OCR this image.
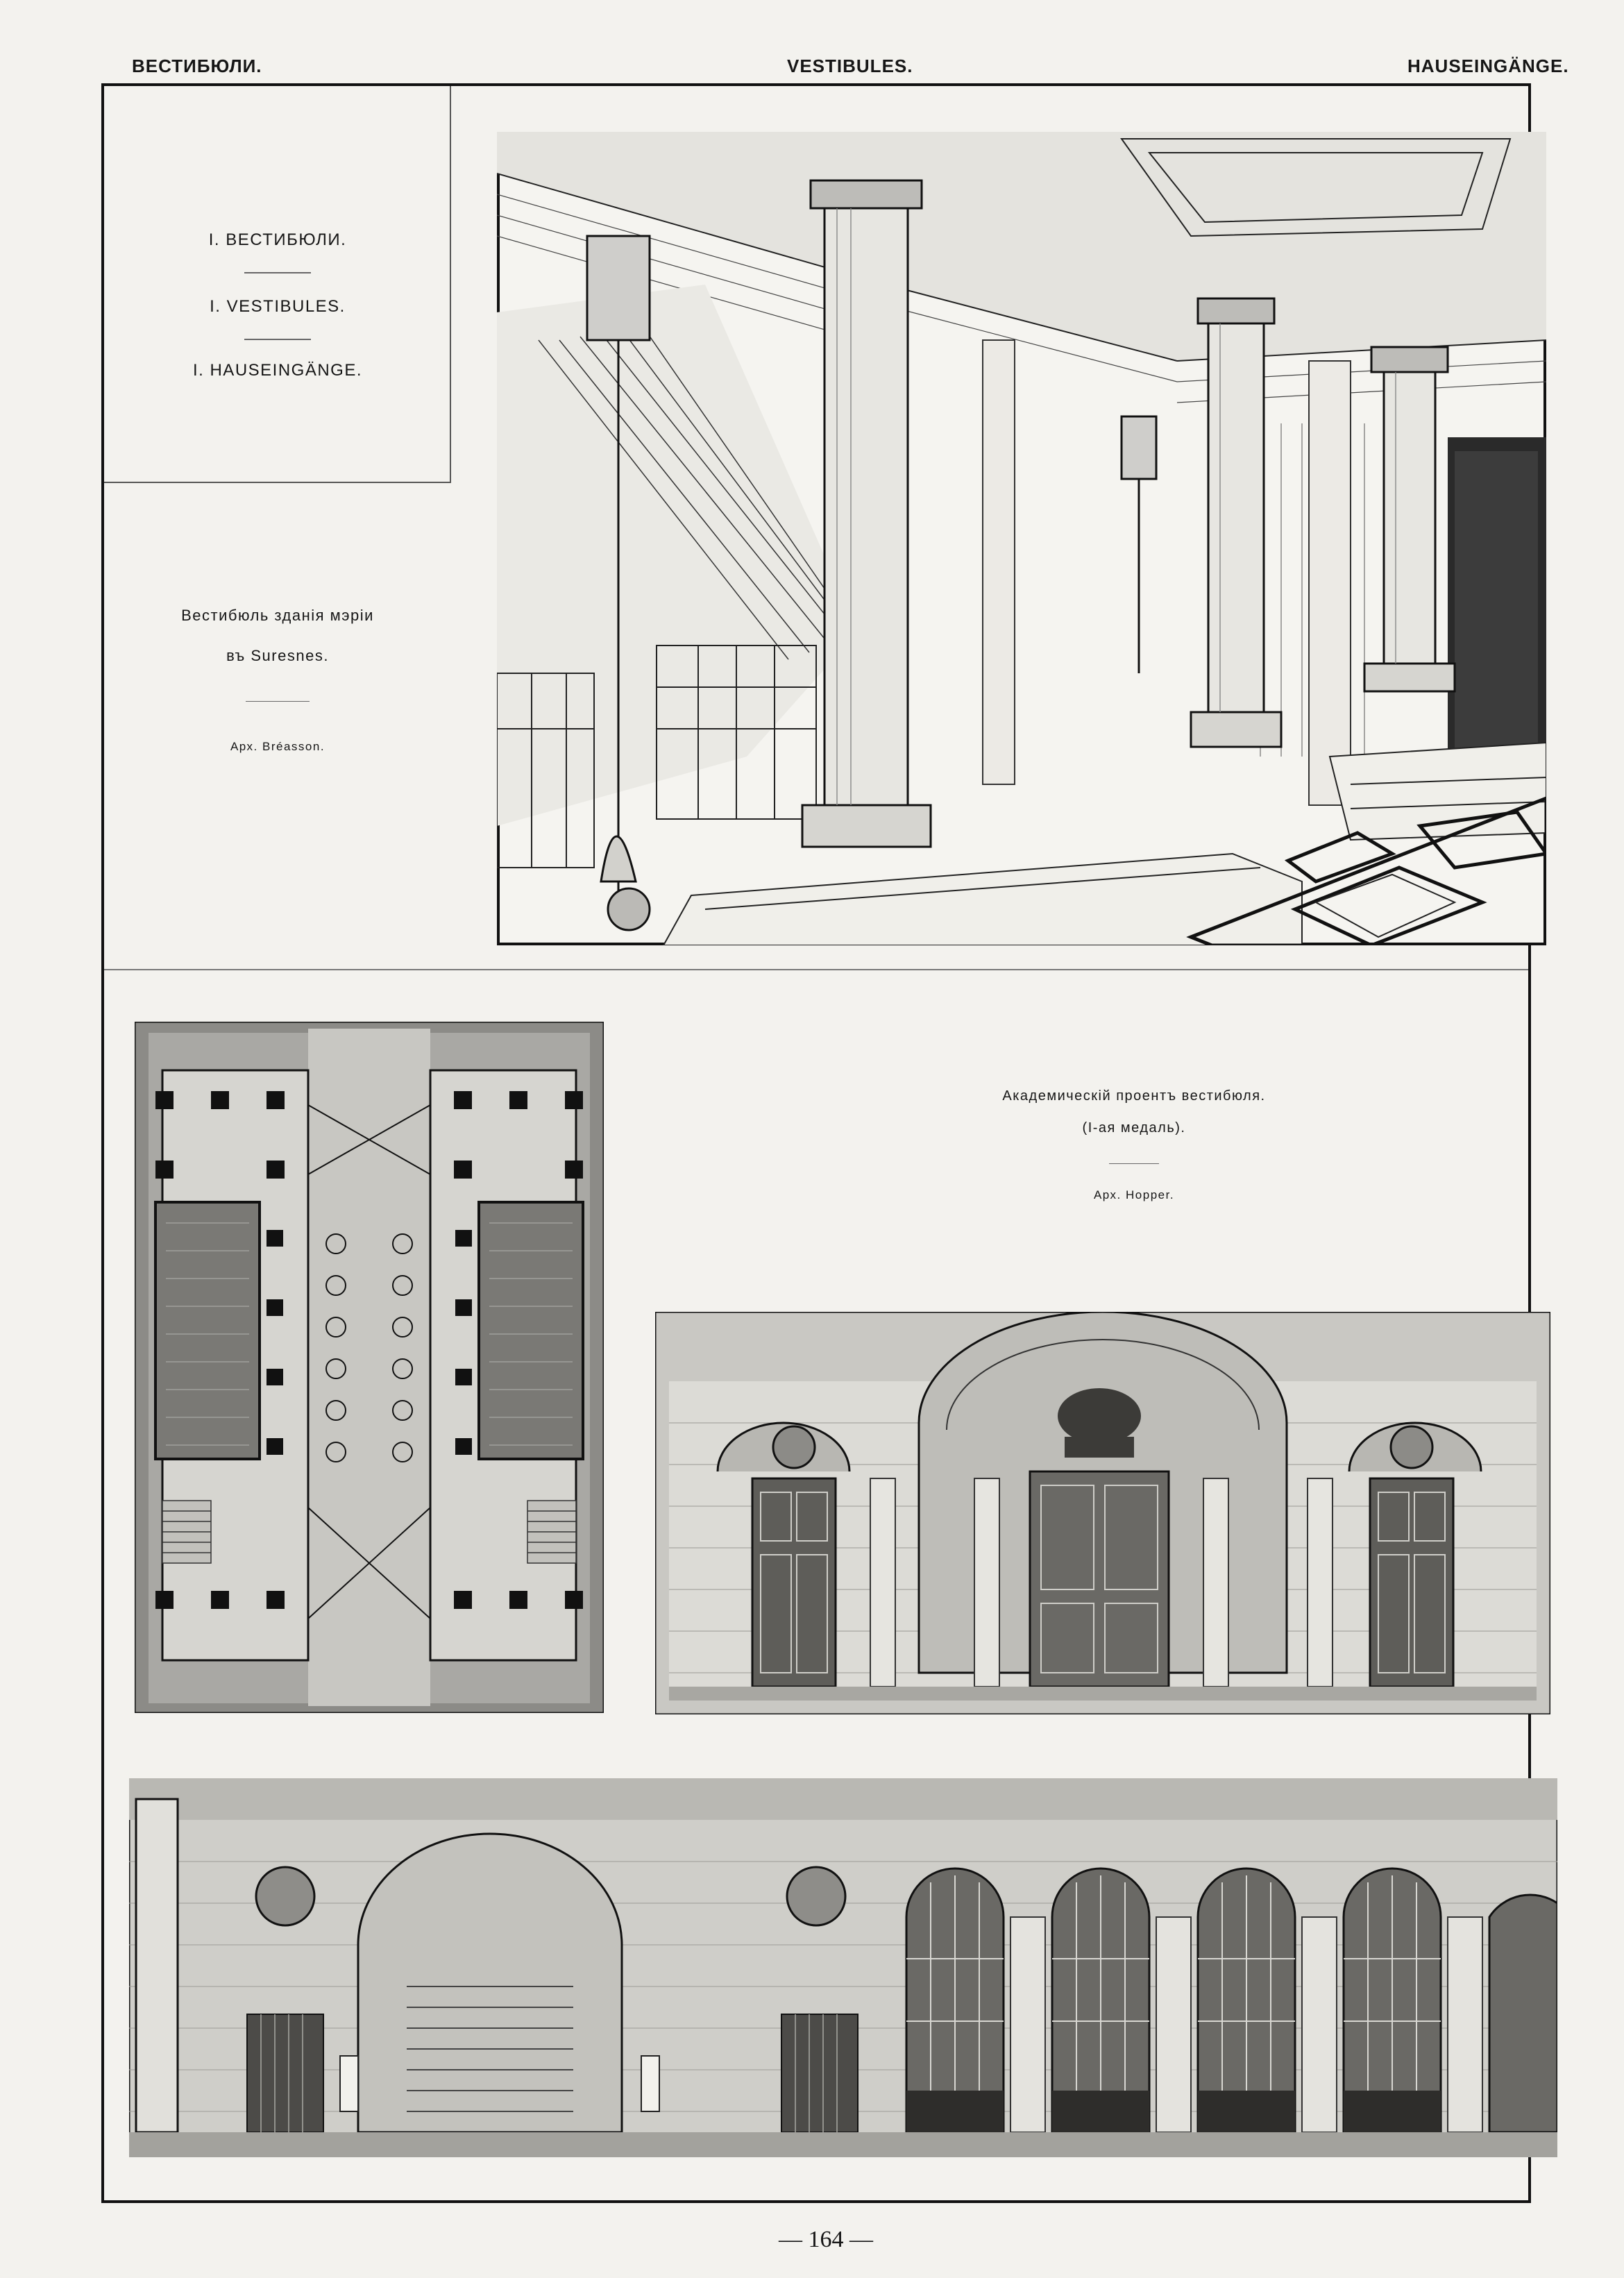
ВЕСТИБЮЛИ.	VESTIBULES.	HAUSEINGÄNGE.
I. ВЕСТИБЮЛИ.
I. VESTIBULES.
I. HAUSEINGÄNGE.
Вестибюль зданія мэріи
въ Suresnes.
Арх. Bréasson.
Академическій проентъ вестибюля.
(I-ая медаль).
Арх. Hopper.
— 164 —
